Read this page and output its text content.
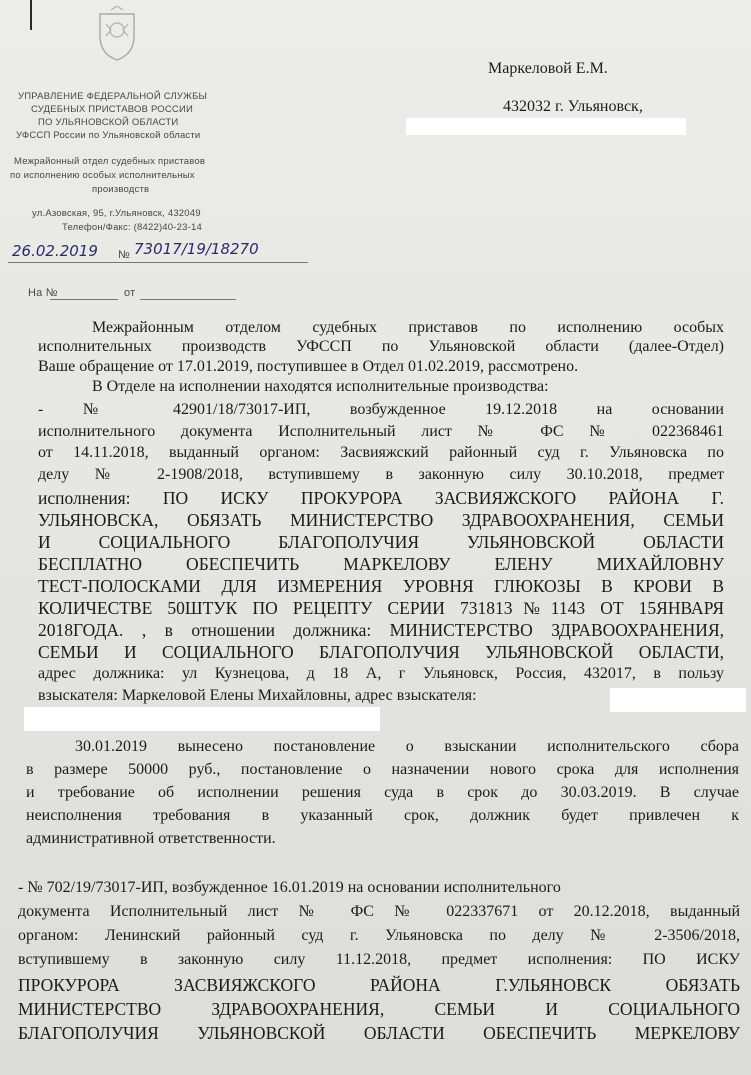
УПРАВЛЕНИЕ ФЕДЕРАЛЬНОЙ СЛУЖБЫ
СУДЕБНЫХ ПРИСТАВОВ РОССИИ
ПО УЛЬЯНОВСКОЙ ОБЛАСТИ
УФССП России по Ульяновской области
Межрайонный отдел судебных приставов
по исполнению особых исполнительных
производств
ул.Азовская, 95, г.Ульяновск, 432049
Телефон/Факс: (8422)40-23-14
26.02.2019 № 73017/19/18270
На №	от
Маркеловой Е.М.
432032 г. Ульяновск,
Межрайонным отделом судебных приставов по исполнению особых
исполнительных производств УФССП по Ульяновской области (далее-Отдел)
Ваше обращение от 17.01.2019, поступившее в Отдел 01.02.2019, рассмотрено.
В Отделе на исполнении находятся исполнительные производства:
- № 42901/18/73017-ИП, возбужденное 19.12.2018 на основании
исполнительного документа Исполнительный лист № ФС № 022368461
от 14.11.2018, выданный органом: Засвияжский районный суд г. Ульяновска по
делу № 2-1908/2018, вступившему в законную силу 30.10.2018, предмет
исполнения: ПО ИСКУ ПРОКУРОРА ЗАСВИЯЖСКОГО РАЙОНА Г.
УЛЬЯНОВСКА, ОБЯЗАТЬ МИНИСТЕРСТВО ЗДРАВООХРАНЕНИЯ, СЕМЬИ
И СОЦИАЛЬНОГО БЛАГОПОЛУЧИЯ УЛЬЯНОВСКОЙ ОБЛАСТИ
БЕСПЛАТНО ОБЕСПЕЧИТЬ МАРКЕЛОВУ ЕЛЕНУ МИХАЙЛОВНУ
ТЕСТ-ПОЛОСКАМИ ДЛЯ ИЗМЕРЕНИЯ УРОВНЯ ГЛЮКОЗЫ В КРОВИ В
КОЛИЧЕСТВЕ 50ШТУК ПО РЕЦЕПТУ СЕРИИ 731813№1143 ОТ 15ЯНВАРЯ
2018ГОДА. , в отношении должника: МИНИСТЕРСТВО ЗДРАВООХРАНЕНИЯ,
СЕМЬИ И СОЦИАЛЬНОГО БЛАГОПОЛУЧИЯ УЛЬЯНОВСКОЙ ОБЛАСТИ,
адрес должника: ул Кузнецова, д 18 А, г Ульяновск, Россия, 432017, в пользу
взыскателя: Маркеловой Елены Михайловны, адрес взыскателя:
30.01.2019 вынесено постановление о взыскании исполнительского сбора
в размере 50000 руб., постановление о назначении нового срока для исполнения
и требование об исполнении решения суда в срок до 30.03.2019. В случае
неисполнения требования в указанный срок, должник будет привлечен к
административной ответственности.
- № 702/19/73017-ИП, возбужденное 16.01.2019 на основании исполнительного
документа Исполнительный лист № ФС № 022337671 от 20.12.2018, выданный
органом: Ленинский районный суд г. Ульяновска по делу № 2-3506/2018,
вступившему в законную силу 11.12.2018, предмет исполнения: ПО ИСКУ
ПРОКУРОРА ЗАСВИЯЖСКОГО РАЙОНА Г.УЛЬЯНОВСК ОБЯЗАТЬ
МИНИСТЕРСТВО ЗДРАВООХРАНЕНИЯ, СЕМЬИ И СОЦИАЛЬНОГО
БЛАГОПОЛУЧИЯ УЛЬЯНОВСКОЙ ОБЛАСТИ ОБЕСПЕЧИТЬ МЕРКЕЛОВУ
